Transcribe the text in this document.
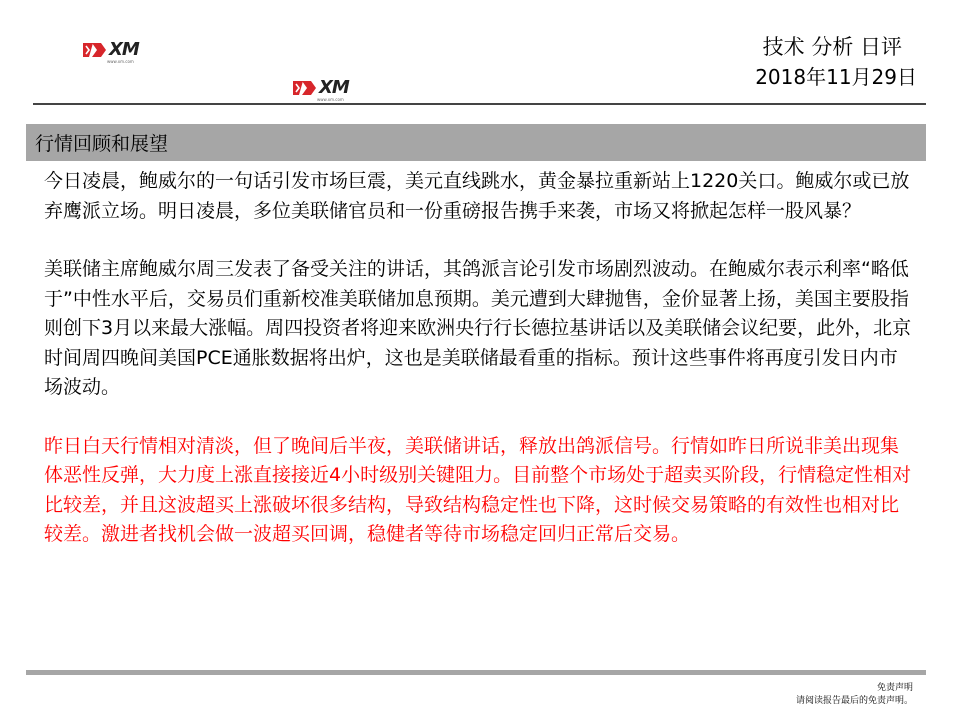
XM
www.xm.com
XM
www.xm.com
技术 分析 日评
2018年11月29日
行情回顾和展望

今日凌晨，鲍威尔的一句话引发市场巨震，美元直线跳水，黄金暴拉重新站上1220关口。鲍威尔或已放弃鹰派立场。明日凌晨，多位美联储官员和一份重磅报告携手来袭，市场又将掀起怎样一股风暴？

美联储主席鲍威尔周三发表了备受关注的讲话，其鸽派言论引发市场剧烈波动。在鲍威尔表示利率“略低于”中性水平后，交易员们重新校准美联储加息预期。美元遭到大肆抛售，金价显著上扬，美国主要股指则创下3月以来最大涨幅。周四投资者将迎来欧洲央行行长德拉基讲话以及美联储会议纪要，此外，北京时间周四晚间美国PCE通胀数据将出炉，这也是美联储最看重的指标。预计这些事件将再度引发日内市场波动。

昨日白天行情相对清淡，但了晚间后半夜，美联储讲话，释放出鸽派信号。行情如昨日所说非美出现集体恶性反弹，大力度上涨直接接近4小时级别关键阻力。目前整个市场处于超卖买阶段，行情稳定性相对比较差，并且这波超买上涨破坏很多结构，导致结构稳定性也下降，这时候交易策略的有效性也相对比较差。激进者找机会做一波超买回调，稳健者等待市场稳定回归正常后交易。

免责声明
请阅读报告最后的免责声明。
